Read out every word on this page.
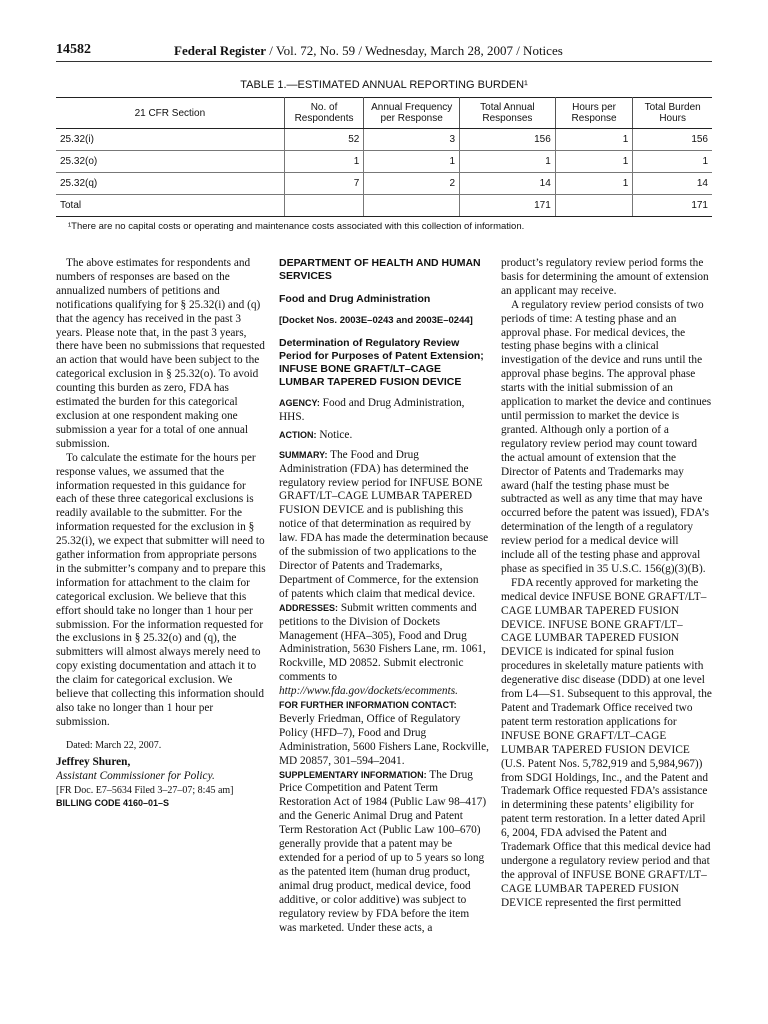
14582	Federal Register / Vol. 72, No. 59 / Wednesday, March 28, 2007 / Notices
TABLE 1.—ESTIMATED ANNUAL REPORTING BURDEN¹
21 CFR Section	No. of Respondents	Annual Frequency per Response	Total Annual Responses	Hours per Response	Total Burden Hours
25.32(i)	52	3	156	1	156
25.32(o)	1	1	1	1	1
25.32(q)	7	2	14	1	14
Total			171		171
¹There are no capital costs or operating and maintenance costs associated with this collection of information.

The above estimates for respondents and numbers of responses are based on the annualized numbers of petitions and notifications qualifying for § 25.32(i) and (q) that the agency has received in the past 3 years. Please note that, in the past 3 years, there have been no submissions that requested an action that would have been subject to the categorical exclusion in § 25.32(o). To avoid counting this burden as zero, FDA has estimated the burden for this categorical exclusion at one respondent making one submission a year for a total of one annual submission.

To calculate the estimate for the hours per response values, we assumed that the information requested in this guidance for each of these three categorical exclusions is readily available to the submitter. For the information requested for the exclusion in § 25.32(i), we expect that submitter will need to gather information from appropriate persons in the submitter’s company and to prepare this information for attachment to the claim for categorical exclusion. We believe that this effort should take no longer than 1 hour per submission. For the information requested for the exclusions in § 25.32(o) and (q), the submitters will almost always merely need to copy existing documentation and attach it to the claim for categorical exclusion. We believe that collecting this information should also take no longer than 1 hour per submission.

Dated: March 22, 2007.

Jeffrey Shuren,

Assistant Commissioner for Policy.

[FR Doc. E7–5634 Filed 3–27–07; 8:45 am]

BILLING CODE 4160–01–S

DEPARTMENT OF HEALTH AND HUMAN SERVICES

Food and Drug Administration

[Docket Nos. 2003E–0243 and 2003E–0244]

Determination of Regulatory Review Period for Purposes of Patent Extension; INFUSE BONE GRAFT/LT–CAGE LUMBAR TAPERED FUSION DEVICE

AGENCY: Food and Drug Administration, HHS.

ACTION: Notice.

SUMMARY: The Food and Drug Administration (FDA) has determined the regulatory review period for INFUSE BONE GRAFT/LT–CAGE LUMBAR TAPERED FUSION DEVICE and is publishing this notice of that determination as required by law. FDA has made the determination because of the submission of two applications to the Director of Patents and Trademarks, Department of Commerce, for the extension of patents which claim that medical device.

ADDRESSES: Submit written comments and petitions to the Division of Dockets Management (HFA–305), Food and Drug Administration, 5630 Fishers Lane, rm. 1061, Rockville, MD 20852. Submit electronic comments to http://www.fda.gov/dockets/ecomments.

FOR FURTHER INFORMATION CONTACT:
Beverly Friedman, Office of Regulatory Policy (HFD–7), Food and Drug Administration, 5600 Fishers Lane, Rockville, MD 20857, 301–594–2041.

SUPPLEMENTARY INFORMATION: The Drug Price Competition and Patent Term Restoration Act of 1984 (Public Law 98–417) and the Generic Animal Drug and Patent Term Restoration Act (Public Law 100–670) generally provide that a patent may be extended for a period of up to 5 years so long as the patented item (human drug product, animal drug product, medical device, food additive, or color additive) was subject to regulatory review by FDA before the item was marketed. Under these acts, a

product’s regulatory review period forms the basis for determining the amount of extension an applicant may receive.

A regulatory review period consists of two periods of time: A testing phase and an approval phase. For medical devices, the testing phase begins with a clinical investigation of the device and runs until the approval phase begins. The approval phase starts with the initial submission of an application to market the device and continues until permission to market the device is granted. Although only a portion of a regulatory review period may count toward the actual amount of extension that the Director of Patents and Trademarks may award (half the testing phase must be subtracted as well as any time that may have occurred before the patent was issued), FDA’s determination of the length of a regulatory review period for a medical device will include all of the testing phase and approval phase as specified in 35 U.S.C. 156(g)(3)(B).

FDA recently approved for marketing the medical device INFUSE BONE GRAFT/LT–CAGE LUMBAR TAPERED FUSION DEVICE. INFUSE BONE GRAFT/LT–CAGE LUMBAR TAPERED FUSION DEVICE is indicated for spinal fusion procedures in skeletally mature patients with degenerative disc disease (DDD) at one level from L4—S1. Subsequent to this approval, the Patent and Trademark Office received two patent term restoration applications for INFUSE BONE GRAFT/LT–CAGE LUMBAR TAPERED FUSION DEVICE (U.S. Patent Nos. 5,782,919 and 5,984,967)) from SDGI Holdings, Inc., and the Patent and Trademark Office requested FDA’s assistance in determining these patents’ eligibility for patent term restoration. In a letter dated April 6, 2004, FDA advised the Patent and Trademark Office that this medical device had undergone a regulatory review period and that the approval of INFUSE BONE GRAFT/LT–CAGE LUMBAR TAPERED FUSION DEVICE represented the first permitted
